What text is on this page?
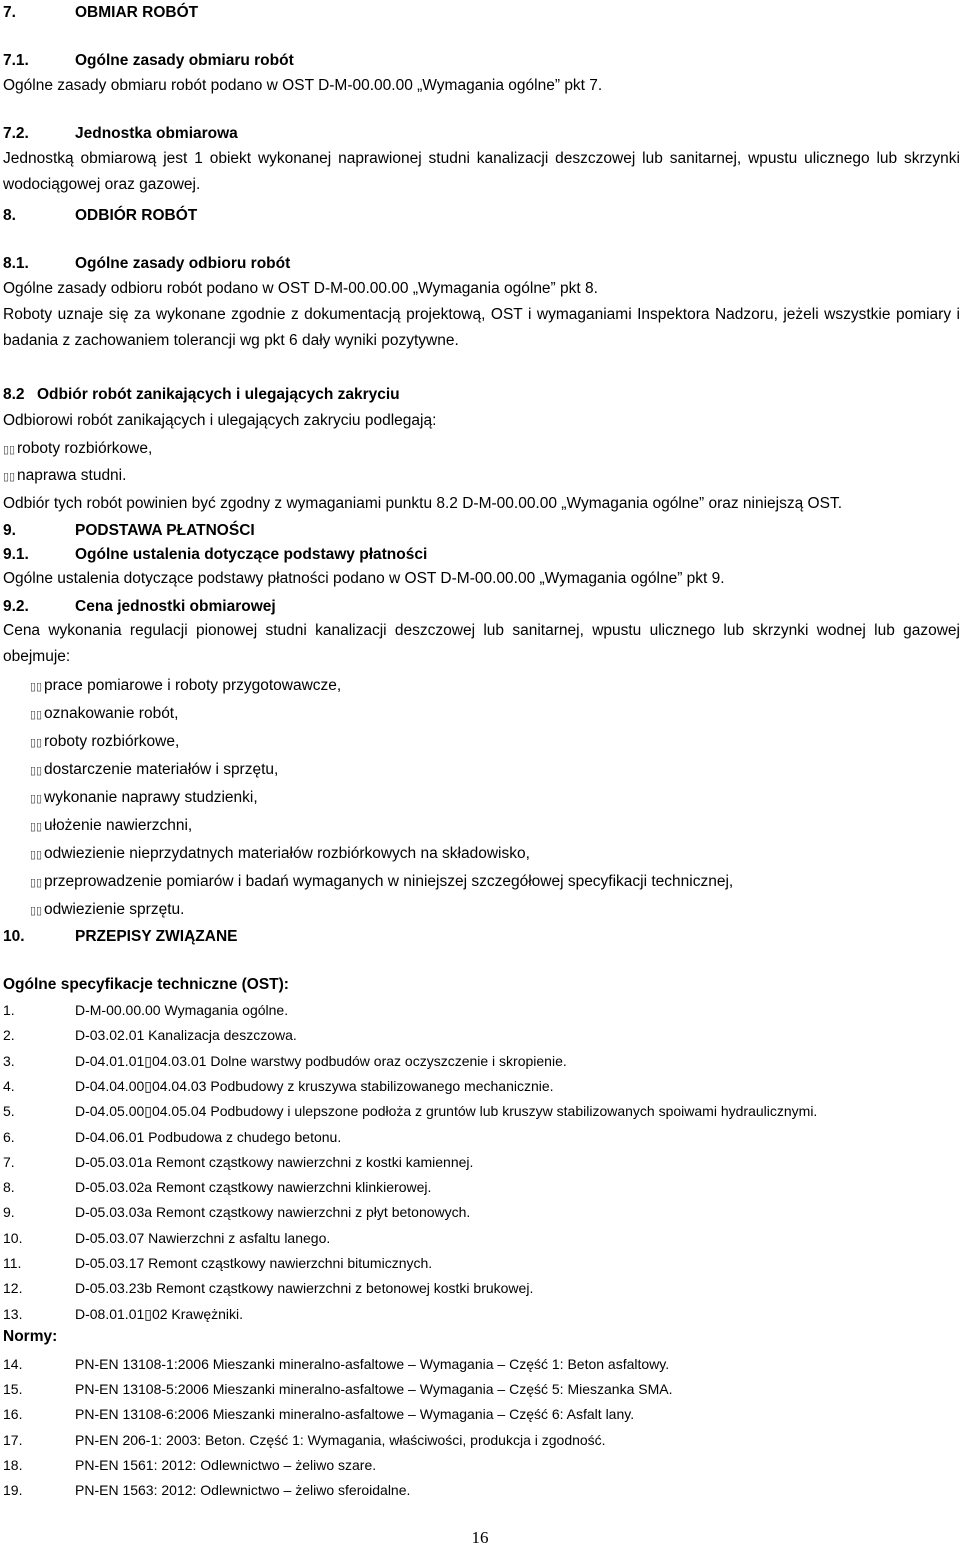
7.	OBMIAR ROBÓT
7.1.	Ogólne zasady obmiaru robót
Ogólne zasady obmiaru robót podano w OST D-M-00.00.00 „Wymagania ogólne” pkt 7.
7.2.	Jednostka obmiarowa
Jednostką obmiarową jest 1 obiekt wykonanej naprawionej studni kanalizacji deszczowej lub sanitarnej, wpustu ulicznego lub skrzynki wodociągowej oraz gazowej.
8.	ODBIÓR ROBÓT
8.1.	Ogólne zasady odbioru robót
Ogólne zasady odbioru robót podano w OST D-M-00.00.00 „Wymagania ogólne” pkt 8.
Roboty uznaje się za wykonane zgodnie z dokumentacją projektową, OST i wymaganiami Inspektora Nadzoru, jeżeli wszystkie pomiary i badania z zachowaniem tolerancji wg pkt 6 dały wyniki pozytywne.
8.2 Odbiór robót zanikających i ulegających zakryciu
Odbiorowi robót zanikających i ulegających zakryciu podlegają:
▯▯ roboty rozbiórkowe,
▯▯ naprawa studni.
Odbiór tych robót powinien być zgodny z wymaganiami punktu 8.2 D-M-00.00.00 „Wymagania ogólne” oraz niniejszą OST.
9.	PODSTAWA PŁATNOŚCI
9.1.	Ogólne ustalenia dotyczące podstawy płatności
Ogólne ustalenia dotyczące podstawy płatności podano w OST D-M-00.00.00 „Wymagania ogólne” pkt 9.
9.2.	Cena jednostki obmiarowej
Cena wykonania regulacji pionowej studni kanalizacji deszczowej lub sanitarnej, wpustu ulicznego lub skrzynki wodnej lub gazowej obejmuje:
▯▯ prace pomiarowe i roboty przygotowawcze,
▯▯ oznakowanie robót,
▯▯ roboty rozbiórkowe,
▯▯ dostarczenie materiałów i sprzętu,
▯▯ wykonanie naprawy studzienki,
▯▯ ułożenie nawierzchni,
▯▯ odwiezienie nieprzydatnych materiałów rozbiórkowych na składowisko,
▯▯ przeprowadzenie pomiarów i badań wymaganych w niniejszej szczegółowej specyfikacji technicznej,
▯▯ odwiezienie sprzętu.
10.	PRZEPISY ZWIĄZANE
Ogólne specyfikacje techniczne (OST):
1.	D-M-00.00.00 Wymagania ogólne.
2.	D-03.02.01 Kanalizacja deszczowa.
3.	D-04.01.01▯04.03.01 Dolne warstwy podbudów oraz oczyszczenie i skropienie.
4.	D-04.04.00▯04.04.03 Podbudowy z kruszywa stabilizowanego mechanicznie.
5.	D-04.05.00▯04.05.04 Podbudowy i ulepszone podłoża z gruntów lub kruszyw stabilizowanych spoiwami hydraulicznymi.
6.	D-04.06.01 Podbudowa z chudego betonu.
7.	D-05.03.01a Remont cząstkowy nawierzchni z kostki kamiennej.
8.	D-05.03.02a Remont cząstkowy nawierzchni klinkierowej.
9.	D-05.03.03a Remont cząstkowy nawierzchni z płyt betonowych.
10.	D-05.03.07 Nawierzchni z asfaltu lanego.
11.	D-05.03.17 Remont cząstkowy nawierzchni bitumicznych.
12.	D-05.03.23b Remont cząstkowy nawierzchni z betonowej kostki brukowej.
13.	D-08.01.01▯02 Krawężniki.
Normy:
14.	PN-EN 13108-1:2006 Mieszanki mineralno-asfaltowe – Wymagania – Część 1: Beton asfaltowy.
15.	PN-EN 13108-5:2006 Mieszanki mineralno-asfaltowe – Wymagania – Część 5: Mieszanka SMA.
16.	PN-EN 13108-6:2006 Mieszanki mineralno-asfaltowe – Wymagania – Część 6: Asfalt lany.
17.	PN-EN 206-1: 2003: Beton. Część 1: Wymagania, właściwości, produkcja i zgodność.
18.	PN-EN 1561: 2012: Odlewnictwo – żeliwo szare.
19.	PN-EN 1563: 2012: Odlewnictwo – żeliwo sferoidalne.
16
